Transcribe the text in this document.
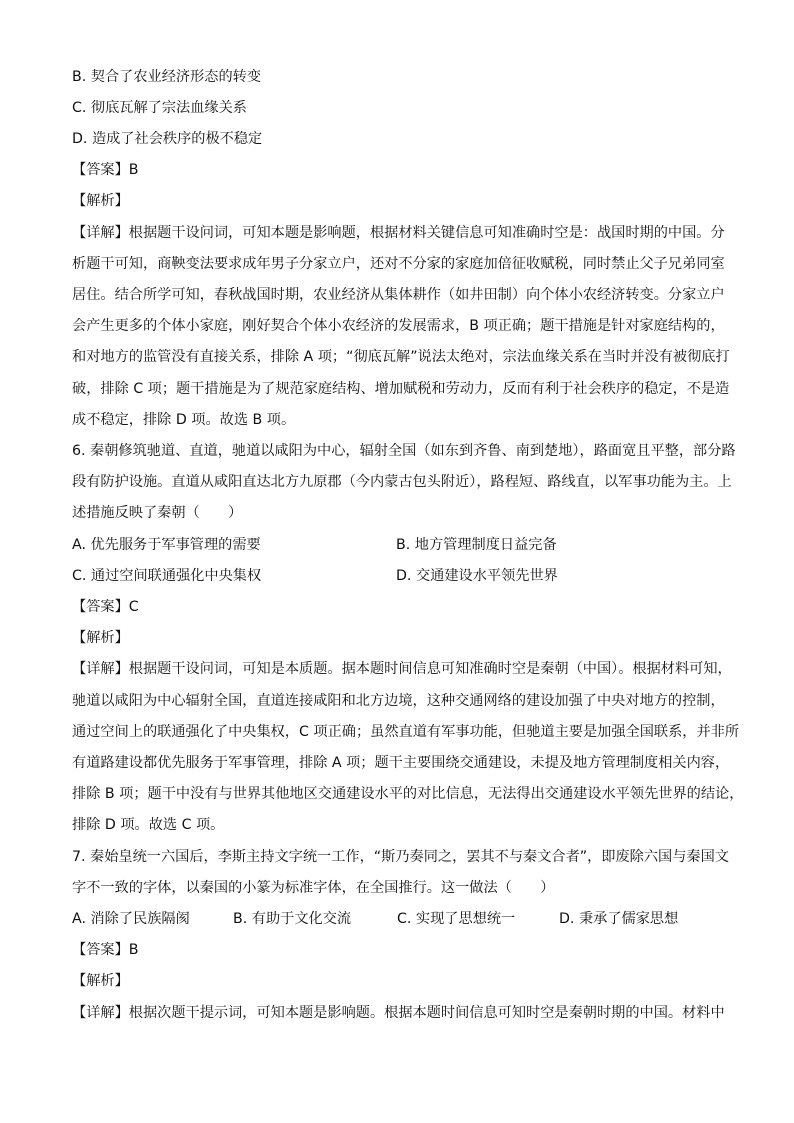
B. 契合了农业经济形态的转变
C. 彻底瓦解了宗法血缘关系
D. 造成了社会秩序的极不稳定
【答案】B
【解析】
【详解】根据题干设问词，可知本题是影响题，根据材料关键信息可知准确时空是：战国时期的中国。分
析题干可知，商鞅变法要求成年男子分家立户，还对不分家的家庭加倍征收赋税，同时禁止父子兄弟同室
居住。结合所学可知，春秋战国时期，农业经济从集体耕作（如井田制）向个体小农经济转变。分家立户
会产生更多的个体小家庭，刚好契合个体小农经济的发展需求，B 项正确；题干措施是针对家庭结构的，
和对地方的监管没有直接关系，排除 A 项；“彻底瓦解”说法太绝对，宗法血缘关系在当时并没有被彻底打
破，排除 C 项；题干措施是为了规范家庭结构、增加赋税和劳动力，反而有利于社会秩序的稳定，不是造
成不稳定，排除 D 项。故选 B 项。
6. 秦朝修筑驰道、直道，驰道以咸阳为中心，辐射全国（如东到齐鲁、南到楚地），路面宽且平整，部分路
段有防护设施。直道从咸阳直达北方九原郡（今内蒙古包头附近），路程短、路线直，以军事功能为主。上
述措施反映了秦朝（　　）
A. 优先服务于军事管理的需要	B. 地方管理制度日益完备
C. 通过空间联通强化中央集权	D. 交通建设水平领先世界
【答案】C
【解析】
【详解】根据题干设问词，可知是本质题。据本题时间信息可知准确时空是秦朝（中国）。根据材料可知，
驰道以咸阳为中心辐射全国，直道连接咸阳和北方边境，这种交通网络的建设加强了中央对地方的控制，
通过空间上的联通强化了中央集权，C 项正确；虽然直道有军事功能，但驰道主要是加强全国联系，并非所
有道路建设都优先服务于军事管理，排除 A 项；题干主要围绕交通建设，未提及地方管理制度相关内容，
排除 B 项；题干中没有与世界其他地区交通建设水平的对比信息，无法得出交通建设水平领先世界的结论，
排除 D 项。故选 C 项。
7. 秦始皇统一六国后，李斯主持文字统一工作，“斯乃奏同之，罢其不与秦文合者”，即废除六国与秦国文
字不一致的字体，以秦国的小篆为标准字体，在全国推行。这一做法（　　）
A. 消除了民族隔阂	B. 有助于文化交流	C. 实现了思想统一	D. 秉承了儒家思想
【答案】B
【解析】
【详解】根据次题干提示词，可知本题是影响题。根据本题时间信息可知时空是秦朝时期的中国。材料中
